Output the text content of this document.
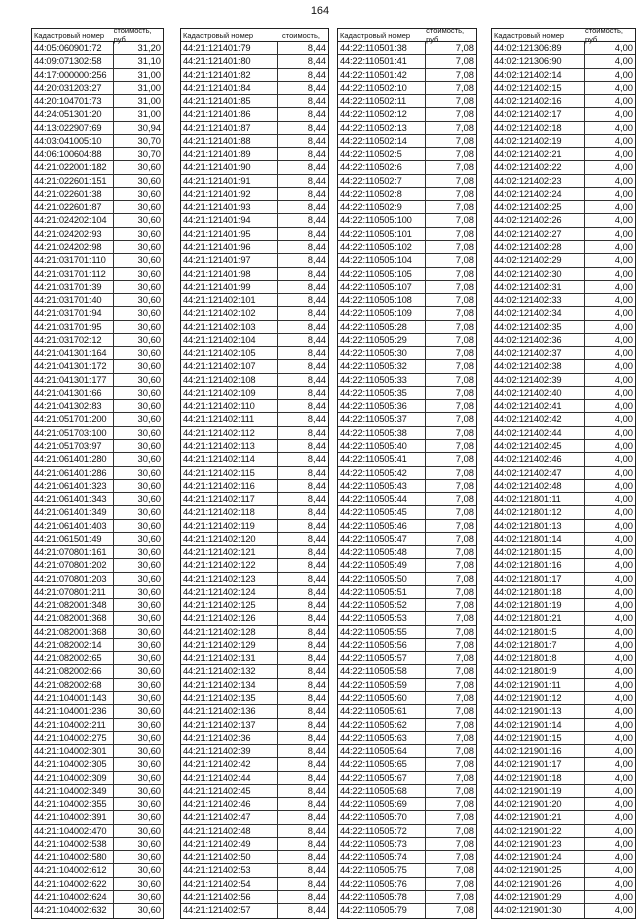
164
Кадастровый номер	стоимость, руб
44:05:060901:72	31,20
44:09:071302:58	31,10
44:17:000000:256	31,00
44:20:031203:27	31,00
44:20:104701:73	31,00
44:24:051301:20	31,00
44:13:022907:69	30,94
44:03:041005:10	30,70
44:06:100604:88	30,70
44:21:022001:182	30,60
44:21:022601:151	30,60
44:21:022601:38	30,60
44:21:022601:87	30,60
44:21:024202:104	30,60
44:21:024202:93	30,60
44:21:024202:98	30,60
44:21:031701:110	30,60
44:21:031701:112	30,60
44:21:031701:39	30,60
44:21:031701:40	30,60
44:21:031701:94	30,60
44:21:031701:95	30,60
44:21:031702:12	30,60
44:21:041301:164	30,60
44:21:041301:172	30,60
44:21:041301:177	30,60
44:21:041301:66	30,60
44:21:041302:83	30,60
44:21:051701:200	30,60
44:21:051703:100	30,60
44:21:051703:97	30,60
44:21:061401:280	30,60
44:21:061401:286	30,60
44:21:061401:323	30,60
44:21:061401:343	30,60
44:21:061401:349	30,60
44:21:061401:403	30,60
44:21:061501:49	30,60
44:21:070801:161	30,60
44:21:070801:202	30,60
44:21:070801:203	30,60
44:21:070801:211	30,60
44:21:082001:348	30,60
44:21:082001:368	30,60
44:21:082001:368	30,60
44:21:082002:14	30,60
44:21:082002:65	30,60
44:21:082002:66	30,60
44:21:082002:68	30,60
44:21:104001:143	30,60
44:21:104001:236	30,60
44:21:104002:211	30,60
44:21:104002:275	30,60
44:21:104002:301	30,60
44:21:104002:305	30,60
44:21:104002:309	30,60
44:21:104002:349	30,60
44:21:104002:355	30,60
44:21:104002:391	30,60
44:21:104002:470	30,60
44:21:104002:538	30,60
44:21:104002:580	30,60
44:21:104002:612	30,60
44:21:104002:622	30,60
44:21:104002:624	30,60
44:21:104002:632	30,60
Кадастровый номер	стоимость,
44:21:121401:79	8,44
44:21:121401:80	8,44
44:21:121401:82	8,44
44:21:121401:84	8,44
44:21:121401:85	8,44
44:21:121401:86	8,44
44:21:121401:87	8,44
44:21:121401:88	8,44
44:21:121401:89	8,44
44:21:121401:90	8,44
44:21:121401:91	8,44
44:21:121401:92	8,44
44:21:121401:93	8,44
44:21:121401:94	8,44
44:21:121401:95	8,44
44:21:121401:96	8,44
44:21:121401:97	8,44
44:21:121401:98	8,44
44:21:121401:99	8,44
44:21:121402:101	8,44
44:21:121402:102	8,44
44:21:121402:103	8,44
44:21:121402:104	8,44
44:21:121402:105	8,44
44:21:121402:107	8,44
44:21:121402:108	8,44
44:21:121402:109	8,44
44:21:121402:110	8,44
44:21:121402:111	8,44
44:21:121402:112	8,44
44:21:121402:113	8,44
44:21:121402:114	8,44
44:21:121402:115	8,44
44:21:121402:116	8,44
44:21:121402:117	8,44
44:21:121402:118	8,44
44:21:121402:119	8,44
44:21:121402:120	8,44
44:21:121402:121	8,44
44:21:121402:122	8,44
44:21:121402:123	8,44
44:21:121402:124	8,44
44:21:121402:125	8,44
44:21:121402:126	8,44
44:21:121402:128	8,44
44:21:121402:129	8,44
44:21:121402:131	8,44
44:21:121402:132	8,44
44:21:121402:134	8,44
44:21:121402:135	8,44
44:21:121402:136	8,44
44:21:121402:137	8,44
44:21:121402:36	8,44
44:21:121402:39	8,44
44:21:121402:42	8,44
44:21:121402:44	8,44
44:21:121402:45	8,44
44:21:121402:46	8,44
44:21:121402:47	8,44
44:21:121402:48	8,44
44:21:121402:49	8,44
44:21:121402:50	8,44
44:21:121402:53	8,44
44:21:121402:54	8,44
44:21:121402:56	8,44
44:21:121402:57	8,44
Кадастровый номер	стоимость, руб
44:22:110501:38	7,08
44:22:110501:41	7,08
44:22:110501:42	7,08
44:22:110502:10	7,08
44:22:110502:11	7,08
44:22:110502:12	7,08
44:22:110502:13	7,08
44:22:110502:14	7,08
44:22:110502:5	7,08
44:22:110502:6	7,08
44:22:110502:7	7,08
44:22:110502:8	7,08
44:22:110502:9	7,08
44:22:110505:100	7,08
44:22:110505:101	7,08
44:22:110505:102	7,08
44:22:110505:104	7,08
44:22:110505:105	7,08
44:22:110505:107	7,08
44:22:110505:108	7,08
44:22:110505:109	7,08
44:22:110505:28	7,08
44:22:110505:29	7,08
44:22:110505:30	7,08
44:22:110505:32	7,08
44:22:110505:33	7,08
44:22:110505:35	7,08
44:22:110505:36	7,08
44:22:110505:37	7,08
44:22:110505:38	7,08
44:22:110505:40	7,08
44:22:110505:41	7,08
44:22:110505:42	7,08
44:22:110505:43	7,08
44:22:110505:44	7,08
44:22:110505:45	7,08
44:22:110505:46	7,08
44:22:110505:47	7,08
44:22:110505:48	7,08
44:22:110505:49	7,08
44:22:110505:50	7,08
44:22:110505:51	7,08
44:22:110505:52	7,08
44:22:110505:53	7,08
44:22:110505:55	7,08
44:22:110505:56	7,08
44:22:110505:57	7,08
44:22:110505:58	7,08
44:22:110505:59	7,08
44:22:110505:60	7,08
44:22:110505:61	7,08
44:22:110505:62	7,08
44:22:110505:63	7,08
44:22:110505:64	7,08
44:22:110505:65	7,08
44:22:110505:67	7,08
44:22:110505:68	7,08
44:22:110505:69	7,08
44:22:110505:70	7,08
44:22:110505:72	7,08
44:22:110505:73	7,08
44:22:110505:74	7,08
44:22:110505:75	7,08
44:22:110505:76	7,08
44:22:110505:78	7,08
44:22:110505:79	7,08
Кадастровый номер	стоимость, руб
44:02:121306:89	4,00
44:02:121306:90	4,00
44:02:121402:14	4,00
44:02:121402:15	4,00
44:02:121402:16	4,00
44:02:121402:17	4,00
44:02:121402:18	4,00
44:02:121402:19	4,00
44:02:121402:21	4,00
44:02:121402:22	4,00
44:02:121402:23	4,00
44:02:121402:24	4,00
44:02:121402:25	4,00
44:02:121402:26	4,00
44:02:121402:27	4,00
44:02:121402:28	4,00
44:02:121402:29	4,00
44:02:121402:30	4,00
44:02:121402:31	4,00
44:02:121402:33	4,00
44:02:121402:34	4,00
44:02:121402:35	4,00
44:02:121402:36	4,00
44:02:121402:37	4,00
44:02:121402:38	4,00
44:02:121402:39	4,00
44:02:121402:40	4,00
44:02:121402:41	4,00
44:02:121402:42	4,00
44:02:121402:44	4,00
44:02:121402:45	4,00
44:02:121402:46	4,00
44:02:121402:47	4,00
44:02:121402:48	4,00
44:02:121801:11	4,00
44:02:121801:12	4,00
44:02:121801:13	4,00
44:02:121801:14	4,00
44:02:121801:15	4,00
44:02:121801:16	4,00
44:02:121801:17	4,00
44:02:121801:18	4,00
44:02:121801:19	4,00
44:02:121801:21	4,00
44:02:121801:5	4,00
44:02:121801:7	4,00
44:02:121801:8	4,00
44:02:121801:9	4,00
44:02:121901:11	4,00
44:02:121901:12	4,00
44:02:121901:13	4,00
44:02:121901:14	4,00
44:02:121901:15	4,00
44:02:121901:16	4,00
44:02:121901:17	4,00
44:02:121901:18	4,00
44:02:121901:19	4,00
44:02:121901:20	4,00
44:02:121901:21	4,00
44:02:121901:22	4,00
44:02:121901:23	4,00
44:02:121901:24	4,00
44:02:121901:25	4,00
44:02:121901:26	4,00
44:02:121901:29	4,00
44:02:121901:30	4,00
